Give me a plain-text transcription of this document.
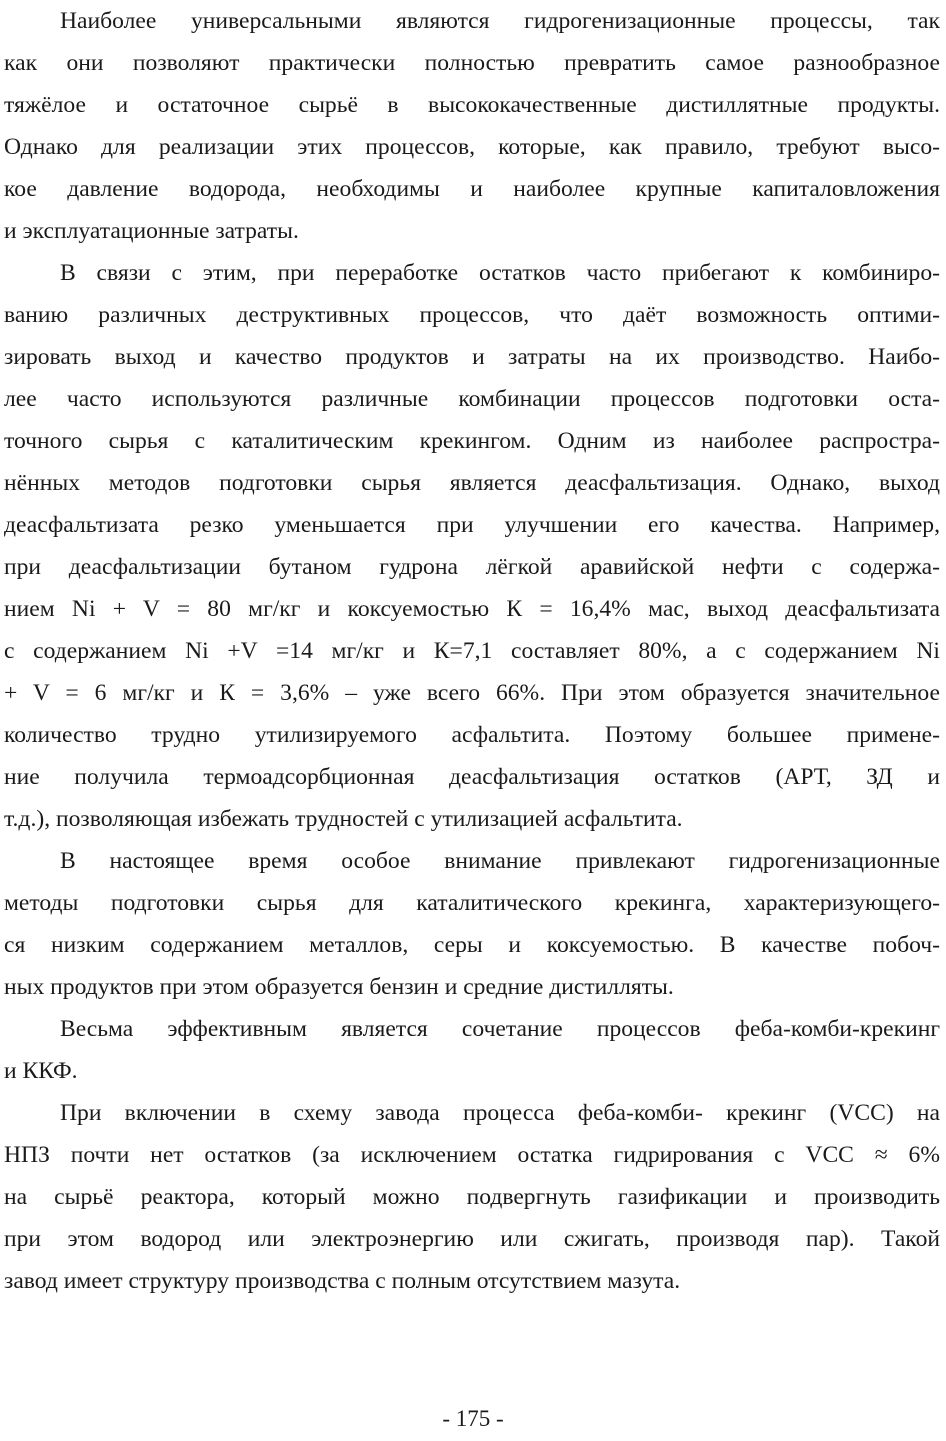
Наиболее универсальными являются гидрогенизационные процессы, так
как они позволяют практически полностью превратить самое разнообразное
тяжёлое и остаточное сырьё в высококачественные дистиллятные продукты.
Однако для реализации этих процессов, которые, как правило, требуют высо-
кое давление водорода, необходимы и наиболее крупные капиталовложения
и эксплуатационные затраты.
В связи с этим, при переработке остатков часто прибегают к комбиниро-
ванию различных деструктивных процессов, что даёт возможность оптими-
зировать выход и качество продуктов и затраты на их производство. Наибо-
лее часто используются различные комбинации процессов подготовки оста-
точного сырья с каталитическим крекингом. Одним из наиболее распростра-
нённых методов подготовки сырья является деасфальтизация. Однако, выход
деасфальтизата резко уменьшается при улучшении его качества. Например,
при деасфальтизации бутаном гудрона лёгкой аравийской нефти с содержа-
нием Ni + V = 80 мг/кг и коксуемостью К = 16,4% мас, выход деасфальтизата
с содержанием Ni +V =14 мг/кг и К=7,1 составляет 80%, а с содержанием Ni
+ V = 6 мг/кг и К = 3,6% – уже всего 66%. При этом образуется значительное
количество трудно утилизируемого асфальтита. Поэтому большее примене-
ние получила термоадсорбционная деасфальтизация остатков (АРТ, ЗД и
т.д.), позволяющая избежать трудностей с утилизацией асфальтита.
В настоящее время особое внимание привлекают гидрогенизационные
методы подготовки сырья для каталитического крекинга, характеризующего-
ся низким содержанием металлов, серы и коксуемостью. В качестве побоч-
ных продуктов при этом образуется бензин и средние дистилляты.
Весьма эффективным является сочетание процессов феба-комби-крекинг
и ККФ.
При включении в схему завода процесса феба-комби- крекинг (VCC) на
НПЗ почти нет остатков (за исключением остатка гидрирования с VCC ≈ 6%
на сырьё реактора, который можно подвергнуть газификации и производить
при этом водород или электроэнергию или сжигать, производя пар). Такой
завод имеет структуру производства с полным отсутствием мазута.
- 175 -
